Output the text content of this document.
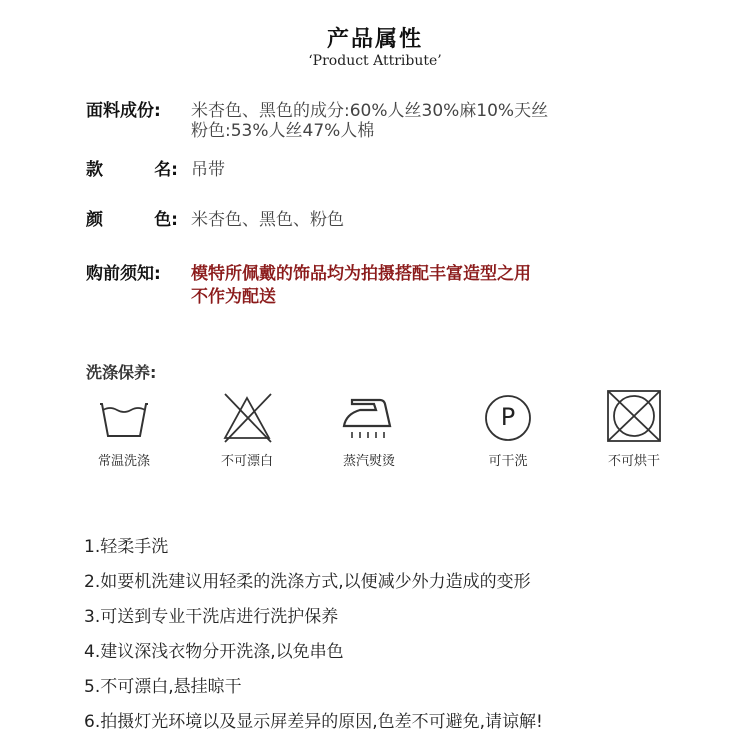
产品属性
‘Product Attribute’
面料成份:	米杏色、黑色的成分:60%人丝30%麻10%天丝
粉色:53%人丝47%人棉
款	名: 吊带
颜	色: 米杏色、黑色、粉色
购前须知:	模特所佩戴的饰品均为拍摄搭配丰富造型之用
不作为配送
洗涤保养:
常温洗涤	不可漂白	蒸汽熨烫
P
可干洗	不可烘干
1.轻柔手洗
2.如要机洗建议用轻柔的洗涤方式,以便减少外力造成的变形
3.可送到专业干洗店进行洗护保养
4.建议深浅衣物分开洗涤,以免串色
5.不可漂白,悬挂晾干
6.拍摄灯光环境以及显示屏差异的原因,色差不可避免,请谅解!
